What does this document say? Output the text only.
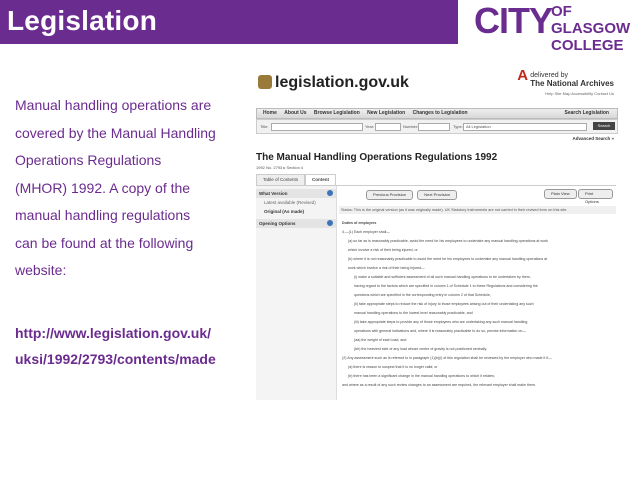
Legislation	CITY
OF GLASGOW
COLLEGE
Manual handling operations are
covered by the Manual Handling
Operations Regulations
(MHOR) 1992. A copy of the
manual handling regulations
can be found at the following
website:
http://www.legislation.gov.uk/
uksi/1992/2793/contents/made
legislation.gov.uk	A delivered by
The National Archives
Help Site Map Accessibility Contact Us
Home About Us Browse Legislation New Legislation Changes to Legislation	Search Legislation
Title:	Year:	Number:	Type: All Legislation	Search
Advanced Search »
The Manual Handling Operations Regulations 1992
1992 No. 2793 ▸ Section 4
Table of Contents	Content
What Version
Latest available (Revised)
Original (As made)
Opening Options
Previous Provision	Next Provision	Plain View	Print Options
Status: This is the original version (as it was originally made). UK Statutory Instruments are not carried in their revised form on this site.
Duties of employers
4.—(1) Each employer shall—
(a) so far as is reasonably practicable, avoid the need for his employees to undertake any manual handling operations at work
which involve a risk of their being injured; or
(b) where it is not reasonably practicable to avoid the need for his employees to undertake any manual handling operations at
work which involve a risk of their being injured—
(i) make a suitable and sufficient assessment of all such manual handling operations to be undertaken by them,
having regard to the factors which are specified in column 1 of Schedule 1 to these Regulations and considering the
questions which are specified in the corresponding entry in column 2 of that Schedule,
(ii) take appropriate steps to reduce the risk of injury to those employees arising out of their undertaking any such
manual handling operations to the lowest level reasonably practicable, and
(iii) take appropriate steps to provide any of those employees who are undertaking any such manual handling
operations with general indications and, where it is reasonably practicable to do so, precise information on—
(aa) the weight of each load, and
(bb) the heaviest side of any load whose centre of gravity is not positioned centrally.
(2) Any assessment such as is referred to in paragraph (1)(b)(i) of this regulation shall be reviewed by the employer who made it if—
(a) there is reason to suspect that it is no longer valid; or
(b) there has been a significant change in the manual handling operations to which it relates;
and where as a result of any such review changes to an assessment are required, the relevant employer shall make them.
